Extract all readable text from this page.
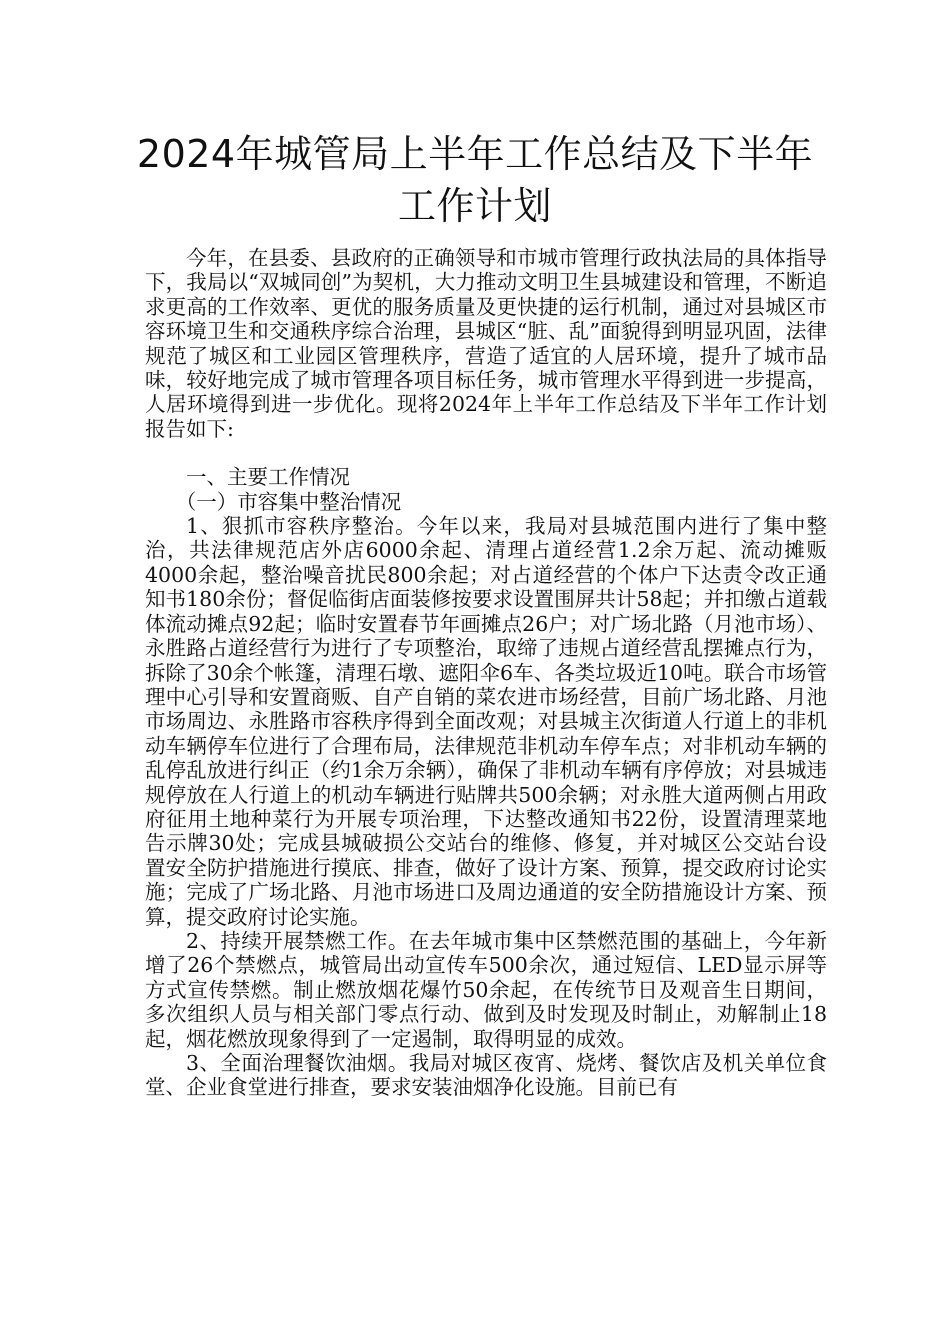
2024年城管局上半年工作总结及下半年工作计划

今年，在县委、县政府的正确领导和市城市管理行政执法局的具体指导下，我局以“双城同创”为契机，大力推动文明卫生县城建设和管理，不断追求更高的工作效率、更优的服务质量及更快捷的运行机制，通过对县城区市容环境卫生和交通秩序综合治理，县城区“脏、乱”面貌得到明显巩固，法律规范了城区和工业园区管理秩序，营造了适宜的人居环境，提升了城市品味，较好地完成了城市管理各项目标任务，城市管理水平得到进一步提高，人居环境得到进一步优化。现将2024年上半年工作总结及下半年工作计划报告如下:

一、主要工作情况

（一）市容集中整治情况

1、狠抓市容秩序整治。今年以来，我局对县城范围内进行了集中整治，共法律规范店外店6000余起、清理占道经营1.2余万起、流动摊贩4000余起，整治噪音扰民800余起；对占道经营的个体户下达责令改正通知书180余份；督促临街店面装修按要求设置围屏共计58起；并扣缴占道载体流动摊点92起；临时安置春节年画摊点26户；对广场北路（月池市场）、永胜路占道经营行为进行了专项整治，取缔了违规占道经营乱摆摊点行为，拆除了30余个帐篷，清理石墩、遮阳伞6车、各类垃圾近10吨。联合市场管理中心引导和安置商贩、自产自销的菜农进市场经营，目前广场北路、月池市场周边、永胜路市容秩序得到全面改观；对县城主次街道人行道上的非机动车辆停车位进行了合理布局，法律规范非机动车停车点；对非机动车辆的乱停乱放进行纠正（约1余万余辆），确保了非机动车辆有序停放；对县城违规停放在人行道上的机动车辆进行贴牌共500余辆；对永胜大道两侧占用政府征用土地种菜行为开展专项治理，下达整改通知书22份，设置清理菜地告示牌30处；完成县城破损公交站台的维修、修复，并对城区公交站台设置安全防护措施进行摸底、排查，做好了设计方案、预算，提交政府讨论实施；完成了广场北路、月池市场进口及周边通道的安全防措施设计方案、预算，提交政府讨论实施。

2、持续开展禁燃工作。在去年城市集中区禁燃范围的基础上，今年新增了26个禁燃点，城管局出动宣传车500余次，通过短信、LED显示屏等方式宣传禁燃。制止燃放烟花爆竹50余起，在传统节日及观音生日期间，多次组织人员与相关部门零点行动、做到及时发现及时制止，劝解制止18起，烟花燃放现象得到了一定遏制，取得明显的成效。

3、全面治理餐饮油烟。我局对城区夜宵、烧烤、餐饮店及机关单位食堂、企业食堂进行排查，要求安装油烟净化设施。目前已有
